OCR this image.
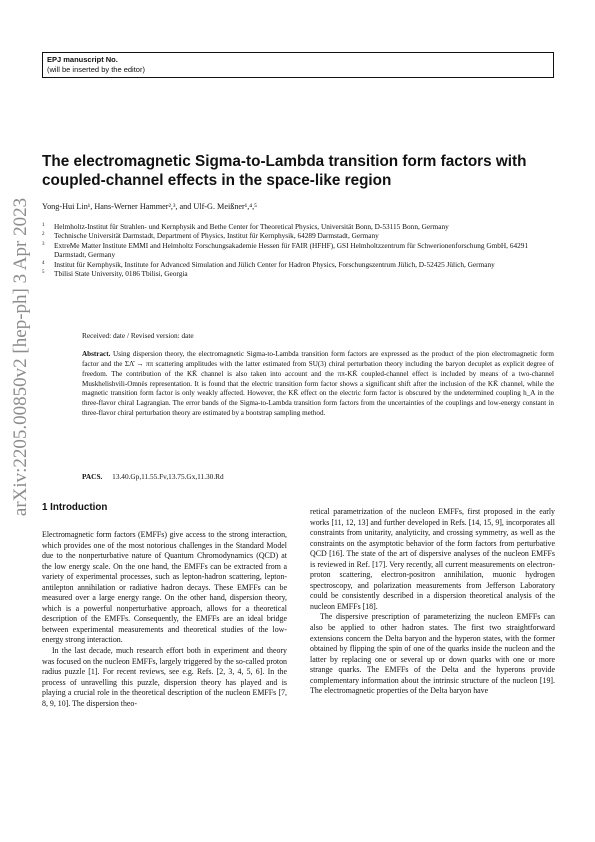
EPJ manuscript No.
(will be inserted by the editor)
arXiv:2205.00850v2 [hep-ph] 3 Apr 2023
The electromagnetic Sigma-to-Lambda transition form factors with coupled-channel effects in the space-like region
Yong-Hui Lin¹, Hans-Werner Hammer²,³, and Ulf-G. Meißner¹,⁴,⁵
1	Helmholtz-Institut für Strahlen- und Kernphysik and Bethe Center for Theoretical Physics, Universität Bonn, D-53115 Bonn, Germany
2	Technische Universität Darmstadt, Department of Physics, Institut für Kernphysik, 64289 Darmstadt, Germany
3	ExtreMe Matter Institute EMMI and Helmholtz Forschungsakademie Hessen für FAIR (HFHF), GSI Helmholtzzentrum für Schwerionenforschung GmbH, 64291 Darmstadt, Germany
4	Institut für Kernphysik, Institute for Advanced Simulation and Jülich Center for Hadron Physics, Forschungszentrum Jülich, D-52425 Jülich, Germany
5	Tbilisi State University, 0186 Tbilisi, Georgia
Received: date / Revised version: date
Abstract. Using dispersion theory, the electromagnetic Sigma-to-Lambda transition form factors are expressed as the product of the pion electromagnetic form factor and the ΣΛ̄ → ππ scattering amplitudes with the latter estimated from SU(3) chiral perturbation theory including the baryon decuplet as explicit degree of freedom. The contribution of the KK̄ channel is also taken into account and the ππ-KK̄ coupled-channel effect is included by means of a two-channel Muskhelishvili-Omnès representation. It is found that the electric transition form factor shows a significant shift after the inclusion of the KK̄ channel, while the magnetic transition form factor is only weakly affected. However, the KK̄ effect on the electric form factor is obscured by the undetermined coupling h_A in the three-flavor chiral Lagrangian. The error bands of the Sigma-to-Lambda transition form factors from the uncertainties of the couplings and low-energy constant in three-flavor chiral perturbation theory are estimated by a bootstrap sampling method.
PACS. 13.40.Gp,11.55.Fv,13.75.Gx,11.30.Rd
1 Introduction

Electromagnetic form factors (EMFFs) give access to the strong interaction, which provides one of the most notorious challenges in the Standard Model due to the nonperturbative nature of Quantum Chromodynamics (QCD) at the low energy scale. On the one hand, the EMFFs can be extracted from a variety of experimental processes, such as lepton-hadron scattering, lepton-antilepton annihilation or radiative hadron decays. These EMFFs can be measured over a large energy range. On the other hand, dispersion theory, which is a powerful nonperturbative approach, allows for a theoretical description of the EMFFs. Consequently, the EMFFs are an ideal bridge between experimental measurements and theoretical studies of the low-energy strong interaction.

In the last decade, much research effort both in experiment and theory was focused on the nucleon EMFFs, largely triggered by the so-called proton radius puzzle [1]. For recent reviews, see e.g. Refs. [2, 3, 4, 5, 6]. In the process of unravelling this puzzle, dispersion theory has played and is playing a crucial role in the theoretical description of the nucleon EMFFs [7, 8, 9, 10]. The dispersion theo-

retical parametrization of the nucleon EMFFs, first proposed in the early works [11, 12, 13] and further developed in Refs. [14, 15, 9], incorporates all constraints from unitarity, analyticity, and crossing symmetry, as well as the constraints on the asymptotic behavior of the form factors from perturbative QCD [16]. The state of the art of dispersive analyses of the nucleon EMFFs is reviewed in Ref. [17]. Very recently, all current measurements on electron-proton scattering, electron-positron annihilation, muonic hydrogen spectroscopy, and polarization measurements from Jefferson Laboratory could be consistently described in a dispersion theoretical analysis of the nucleon EMFFs [18].

The dispersive prescription of parameterizing the nucleon EMFFs can also be applied to other hadron states. The first two straightforward extensions concern the Delta baryon and the hyperon states, with the former obtained by flipping the spin of one of the quarks inside the nucleon and the latter by replacing one or several up or down quarks with one or more strange quarks. The EMFFs of the Delta and the hyperons provide complementary information about the intrinsic structure of the nucleon [19]. The electromagnetic properties of the Delta baryon have
